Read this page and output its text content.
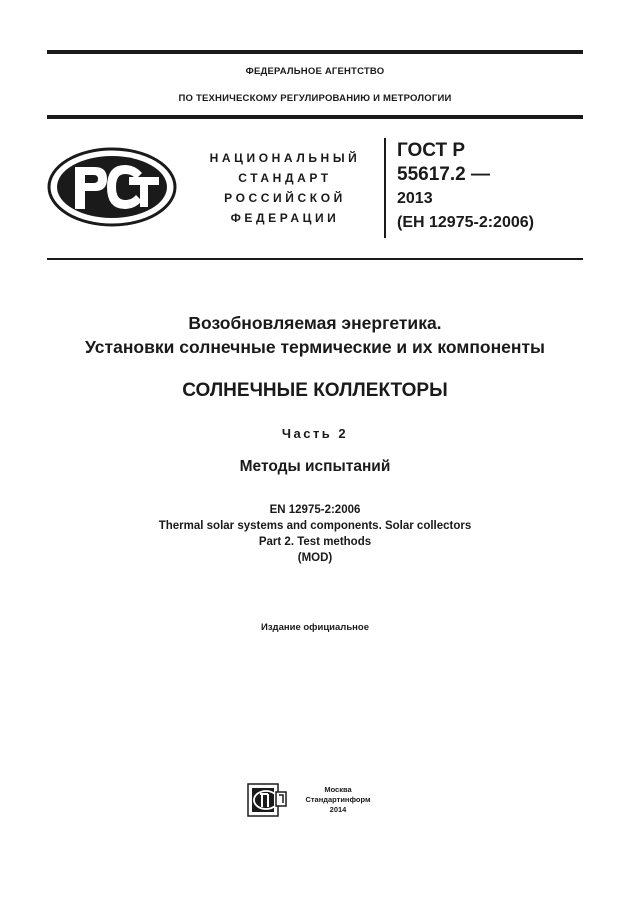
ФЕДЕРАЛЬНОЕ АГЕНТСТВО
ПО ТЕХНИЧЕСКОМУ РЕГУЛИРОВАНИЮ И МЕТРОЛОГИИ
НАЦИОНАЛЬНЫЙ
СТАНДАРТ
РОССИЙСКОЙ
ФЕДЕРАЦИИ
ГОСТ Р
55617.2 —
2013
(ЕН 12975-2:2006)
Возобновляемая энергетика.
Установки солнечные термические и их компоненты
СОЛНЕЧНЫЕ КОЛЛЕКТОРЫ
Часть 2
Методы испытаний
EN 12975-2:2006
Thermal solar systems and components. Solar collectors
Part 2. Test methods
(MOD)
Издание официальное
Москва
Стандартинформ
2014
